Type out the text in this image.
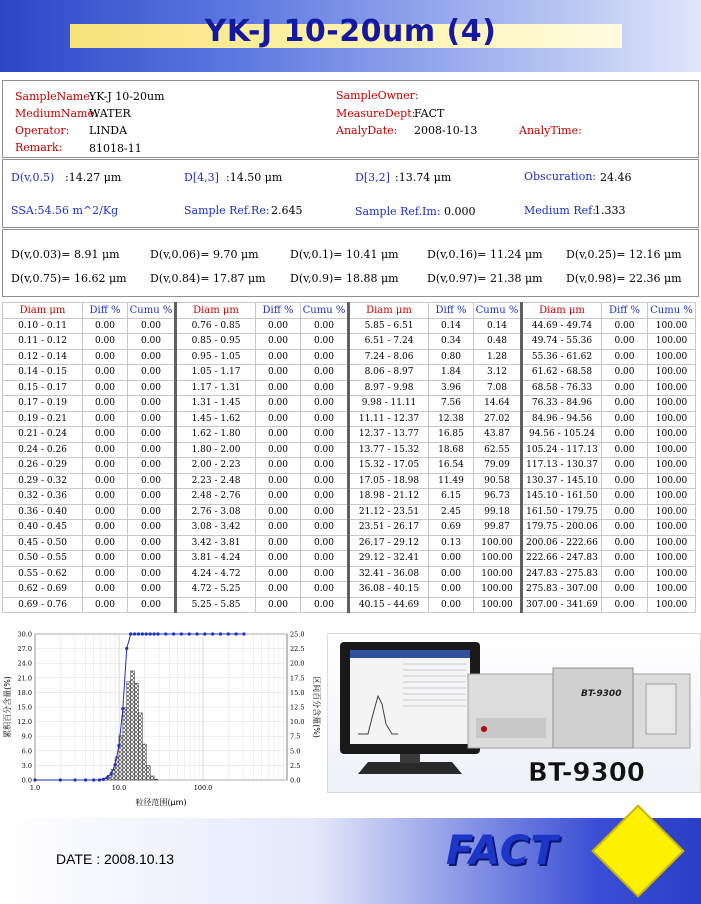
YK-J 10-20um (4)
SampleName:
YK-J 10-20um
MediumName:
WATER
Operator: LINDA
Remark: 81018-11
SampleOwner:
MeasureDept:
FACT
AnalyDate: 2008-10-13	AnalyTime:
D(v,0.5) :14.27 μm	D[4,3] :14.50 μm	D[3,2] :13.74 μm	Obscuration: 24.46
SSA:54.56 m^2/Kg	Sample Ref.Re: 2.645	Sample Ref.Im: 0.000	Medium Ref:
1.333
D(v,0.03)= 8.91 μm	D(v,0.06)= 9.70 μm	D(v,0.1)= 10.41 μm	D(v,0.16)= 11.24 μm D(v,0.25)= 12.16 μm
D(v,0.75)= 16.62 μm D(v,0.84)= 17.87 μm D(v,0.9)= 18.88 μm	D(v,0.97)= 21.38 μm D(v,0.98)= 22.36 μm
Diam μm	Diff %	Cumu %	Diam μm	Diff %	Cumu %	Diam μm	Diff %	Cumu %	Diam μm	Diff %	Cumu %
0.10 - 0.11	0.00	0.00	0.76 - 0.85	0.00	0.00	5.85 - 6.51	0.14	0.14	44.69 - 49.74	0.00	100.00
0.11 - 0.12	0.00	0.00	0.85 - 0.95	0.00	0.00	6.51 - 7.24	0.34	0.48	49.74 - 55.36	0.00	100.00
0.12 - 0.14	0.00	0.00	0.95 - 1.05	0.00	0.00	7.24 - 8.06	0.80	1.28	55.36 - 61.62	0.00	100.00
0.14 - 0.15	0.00	0.00	1.05 - 1.17	0.00	0.00	8.06 - 8.97	1.84	3.12	61.62 - 68.58	0.00	100.00
0.15 - 0.17	0.00	0.00	1.17 - 1.31	0.00	0.00	8.97 - 9.98	3.96	7.08	68.58 - 76.33	0.00	100.00
0.17 - 0.19	0.00	0.00	1.31 - 1.45	0.00	0.00	9.98 - 11.11	7.56	14.64	76.33 - 84.96	0.00	100.00
0.19 - 0.21	0.00	0.00	1.45 - 1.62	0.00	0.00	11.11 - 12.37	12.38	27.02	84.96 - 94.56	0.00	100.00
0.21 - 0.24	0.00	0.00	1.62 - 1.80	0.00	0.00	12.37 - 13.77	16.85	43.87	94.56 - 105.24	0.00	100.00
0.24 - 0.26	0.00	0.00	1.80 - 2.00	0.00	0.00	13.77 - 15.32	18.68	62.55	105.24 - 117.13	0.00	100.00
0.26 - 0.29	0.00	0.00	2.00 - 2.23	0.00	0.00	15.32 - 17.05	16.54	79.09	117.13 - 130.37	0.00	100.00
0.29 - 0.32	0.00	0.00	2.23 - 2.48	0.00	0.00	17.05 - 18.98	11.49	90.58	130.37 - 145.10	0.00	100.00
0.32 - 0.36	0.00	0.00	2.48 - 2.76	0.00	0.00	18.98 - 21.12	6.15	96.73	145.10 - 161.50	0.00	100.00
0.36 - 0.40	0.00	0.00	2.76 - 3.08	0.00	0.00	21.12 - 23.51	2.45	99.18	161.50 - 179.75	0.00	100.00
0.40 - 0.45	0.00	0.00	3.08 - 3.42	0.00	0.00	23.51 - 26.17	0.69	99.87	179.75 - 200.06	0.00	100.00
0.45 - 0.50	0.00	0.00	3.42 - 3.81	0.00	0.00	26.17 - 29.12	0.13	100.00	200.06 - 222.66	0.00	100.00
0.50 - 0.55	0.00	0.00	3.81 - 4.24	0.00	0.00	29.12 - 32.41	0.00	100.00	222.66 - 247.83	0.00	100.00
0.55 - 0.62	0.00	0.00	4.24 - 4.72	0.00	0.00	32.41 - 36.08	0.00	100.00	247.83 - 275.83	0.00	100.00
0.62 - 0.69	0.00	0.00	4.72 - 5.25	0.00	0.00	36.08 - 40.15	0.00	100.00	275.83 - 307.00	0.00	100.00
0.69 - 0.76	0.00	0.00	5.25 - 5.85	0.00	0.00	40.15 - 44.69	0.00	100.00	307.00 - 341.69	0.00	100.00
0.0
3.0
6.0
9.0
12.0
15.0
18.0
21.0
24.0
27.0
30.0
0.0
2.5
5.0
7.5
10.0
12.5
15.0
17.5
20.0
22.5
25.0
1.0	10.0	100.0
粒径范围(μm)
累积百分含量(%)	区间百分含量(%)	BT-9300
BT-9300
DATE : 2008.10.13	FACT
